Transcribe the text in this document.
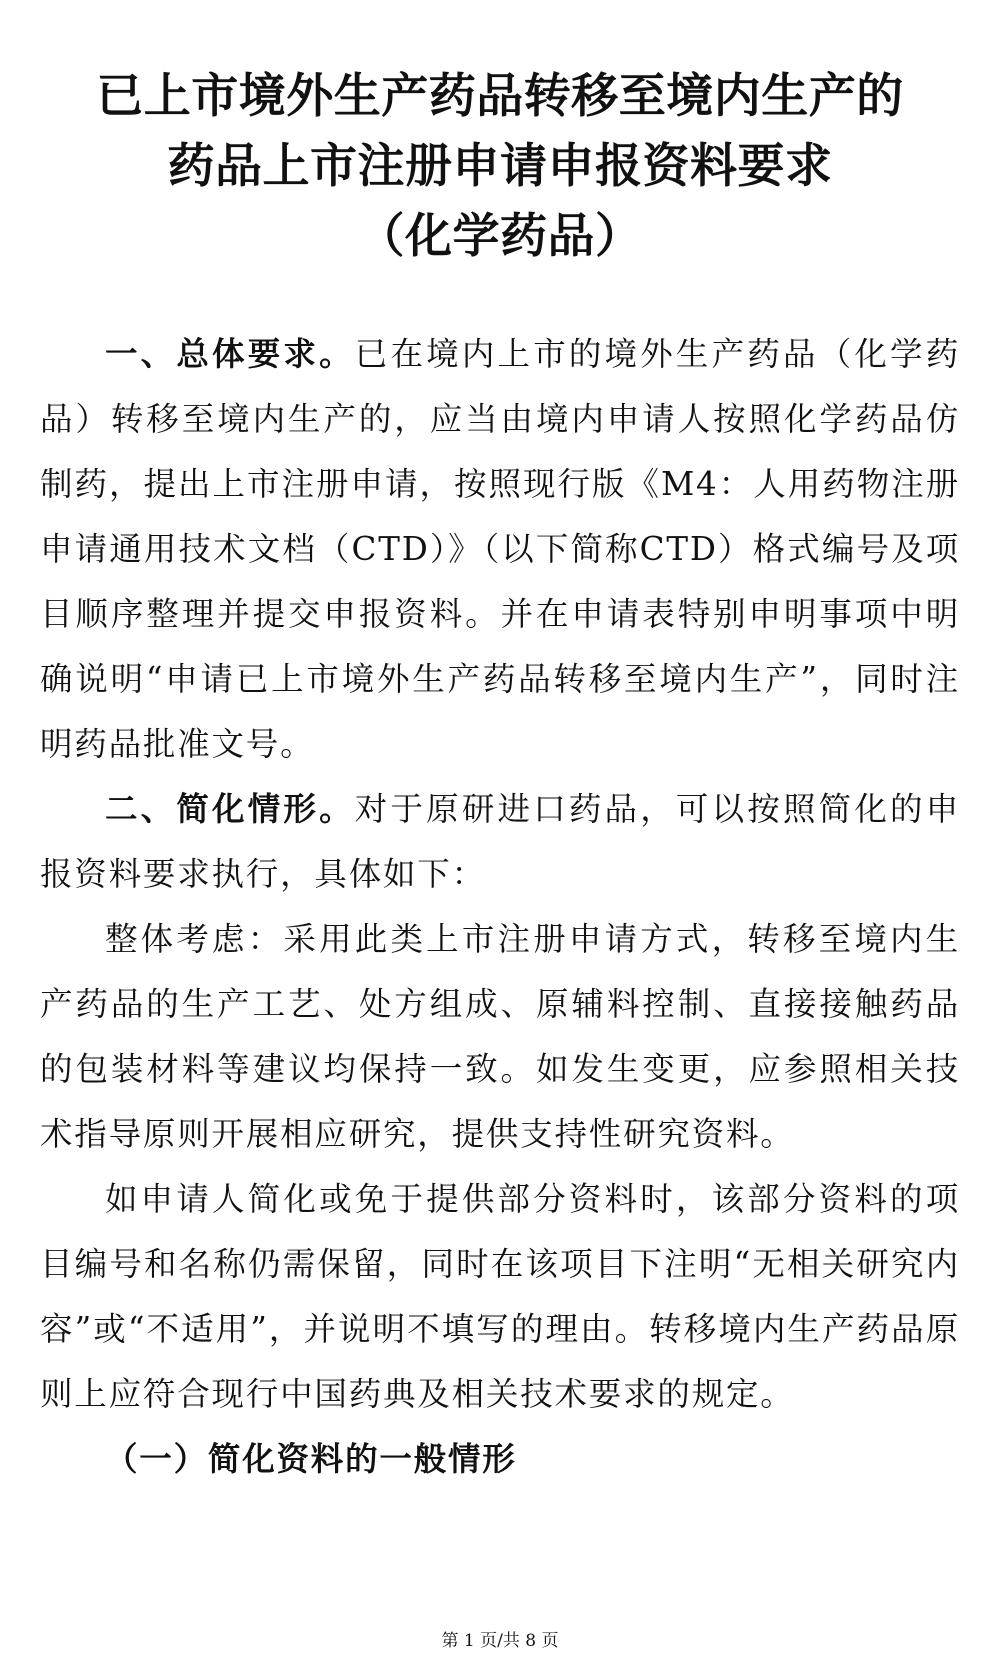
已上市境外生产药品转移至境内生产的
药品上市注册申请申报资料要求
（化学药品）

一、总体要求。已在境内上市的境外生产药品（化学药品）转移至境内生产的，应当由境内申请人按照化学药品仿制药，提出上市注册申请，按照现行版《M4：人用药物注册申请通用技术文档（CTD）》（以下简称CTD）格式编号及项目顺序整理并提交申报资料。并在申请表特别申明事项中明确说明“申请已上市境外生产药品转移至境内生产”，同时注明药品批准文号。

二、简化情形。对于原研进口药品，可以按照简化的申报资料要求执行，具体如下：

整体考虑：采用此类上市注册申请方式，转移至境内生产药品的生产工艺、处方组成、原辅料控制、直接接触药品的包装材料等建议均保持一致。如发生变更，应参照相关技术指导原则开展相应研究，提供支持性研究资料。

如申请人简化或免于提供部分资料时，该部分资料的项目编号和名称仍需保留，同时在该项目下注明“无相关研究内容”或“不适用”，并说明不填写的理由。转移境内生产药品原则上应符合现行中国药典及相关技术要求的规定。

（一）简化资料的一般情形

第 1 页/共 8 页
